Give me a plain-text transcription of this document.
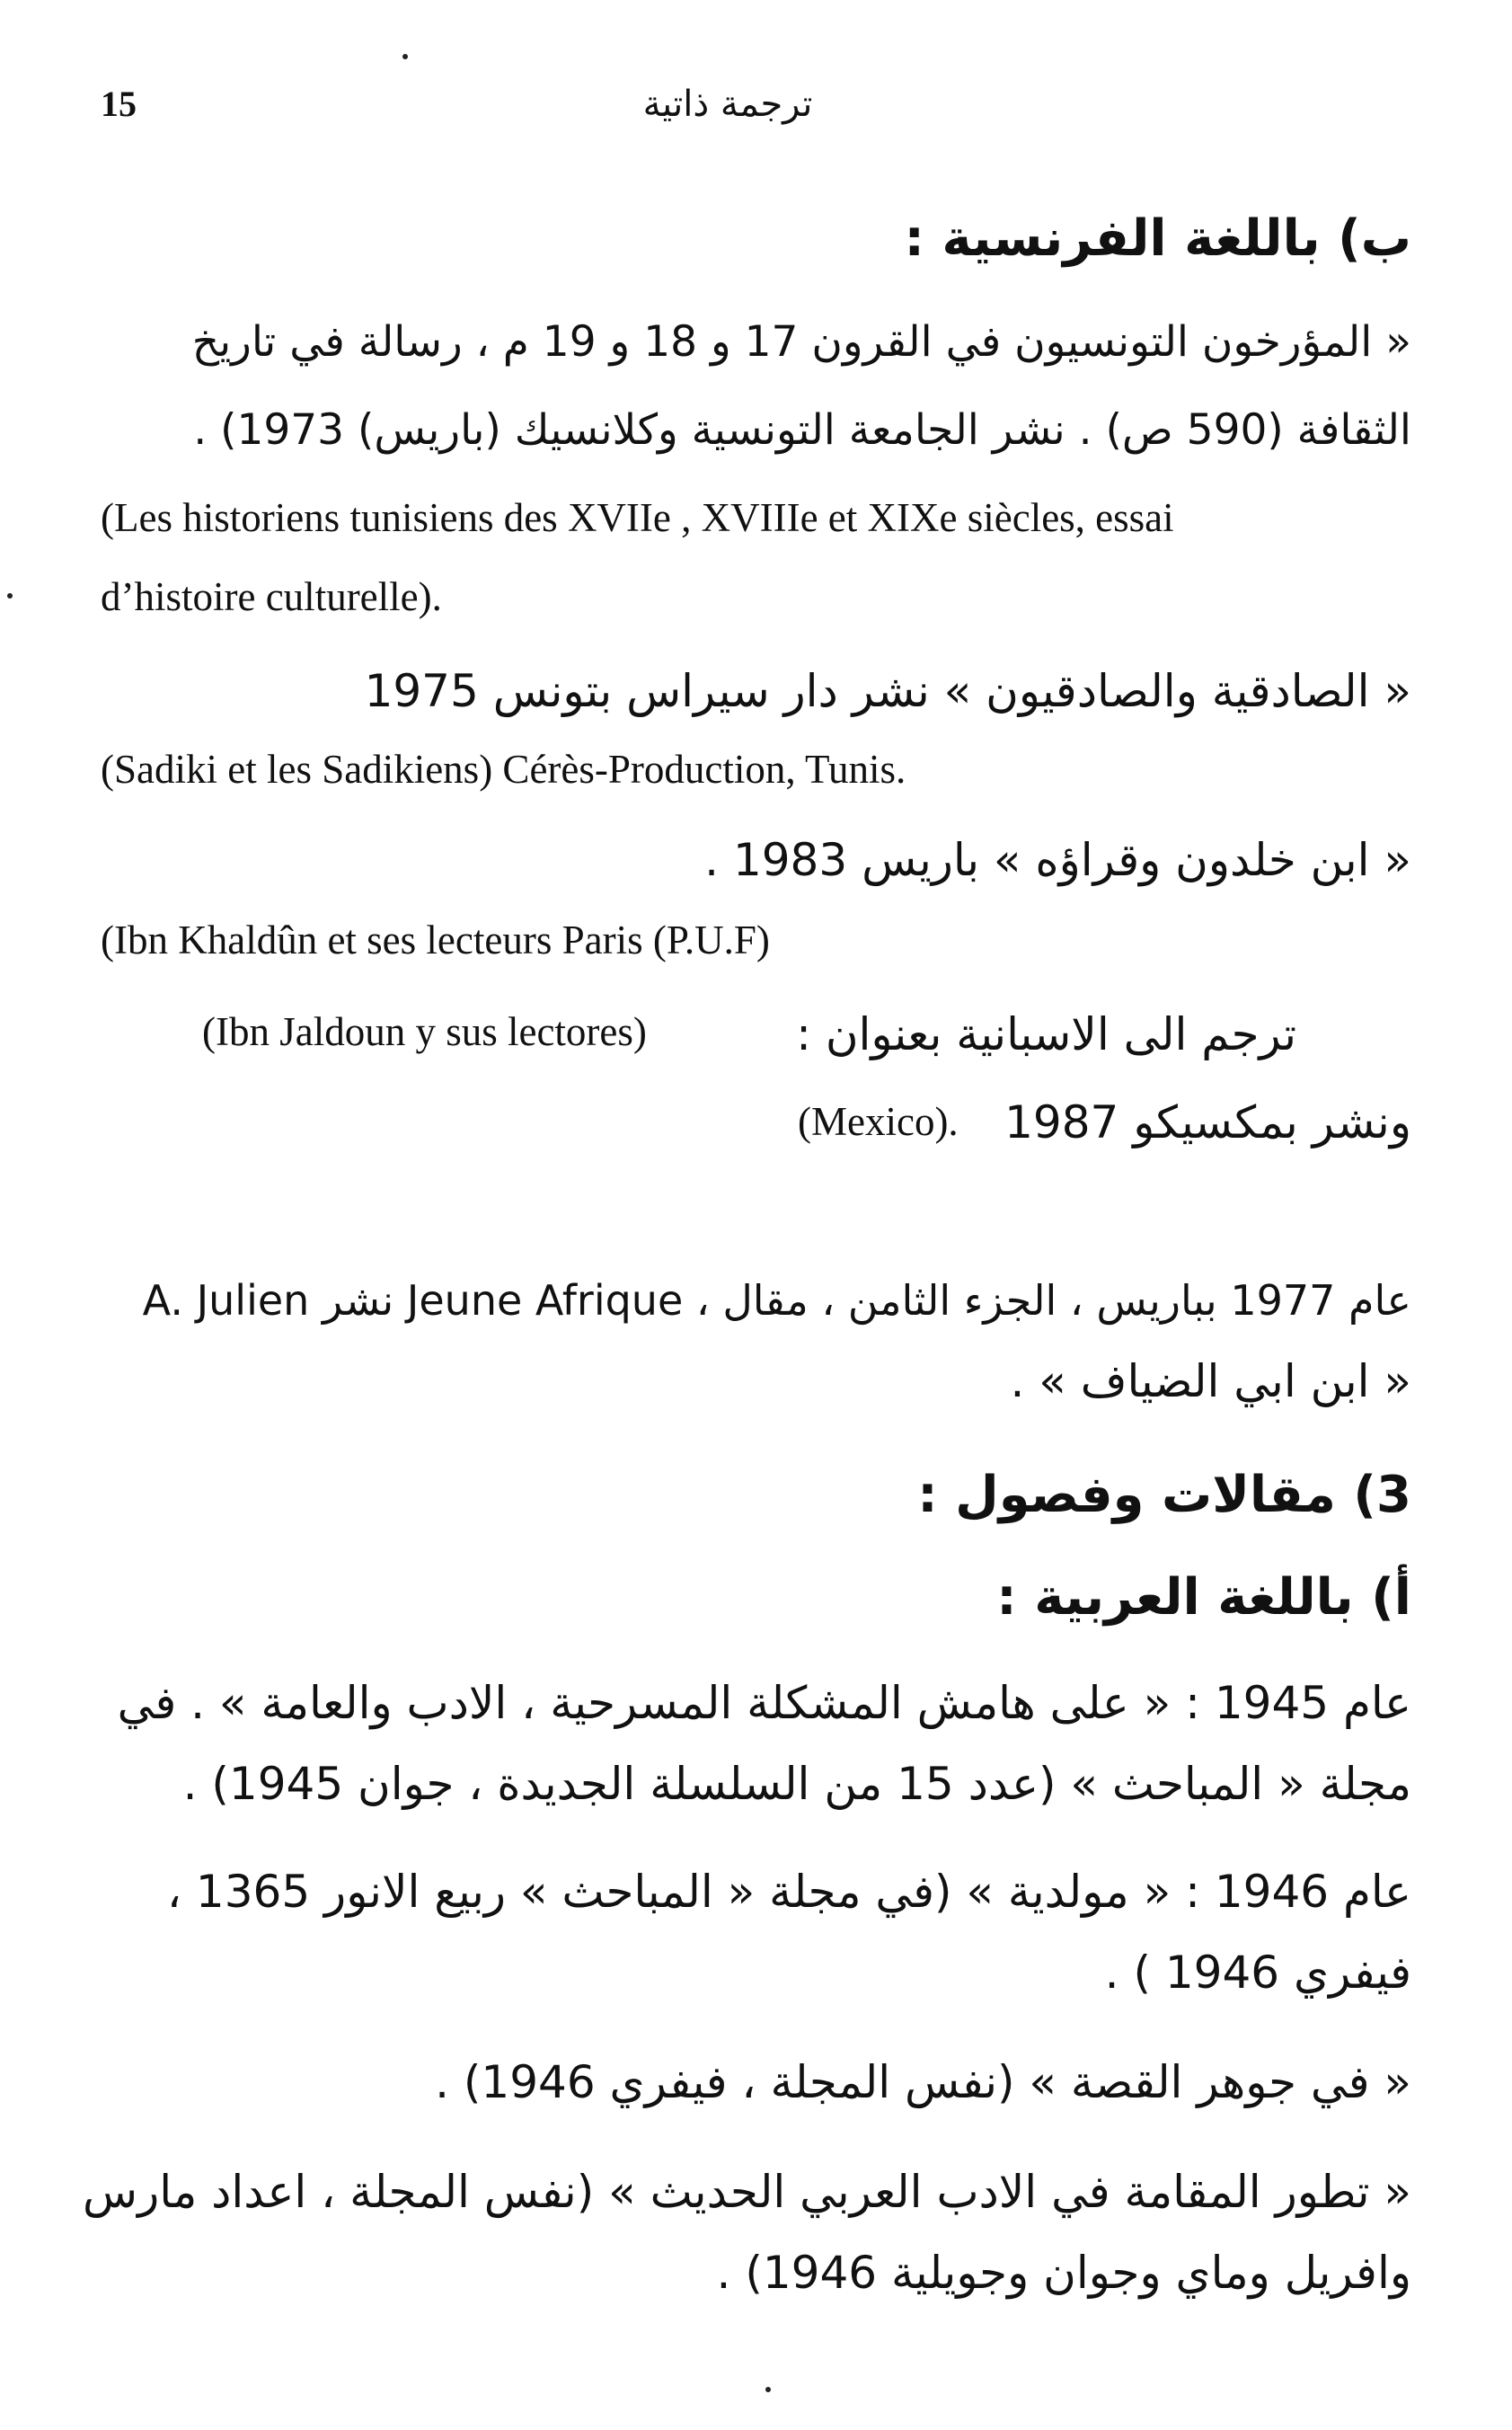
15	ترجمة ذاتية
ب) باللغة الفرنسية :
« المؤرخون التونسيون في القرون 17 و 18 و 19 م ، رسالة في تاريخ
الثقافة (590 ص) . نشر الجامعة التونسية وكلانسيك (باريس) 1973) .
(Les historiens tunisiens des XVIIe , XVIIIe et XIXe siècles, essai
d’histoire culturelle).
« الصادقية والصادقيون » نشر دار سيراس بتونس 1975
(Sadiki et les Sadikiens) Cérès-Production, Tunis.
« ابن خلدون وقراؤه » باريس 1983 .
(Ibn Khaldûn et ses lecteurs Paris (P.U.F)
ترجم الى الاسبانية بعنوان :
(Ibn Jaldoun y sus lectores)
ونشر بمكسيكو 1987
(Mexico).
A. Julien نشر Jeune Afrique ، عام 1977 بباريس ، الجزء الثامن ، مقال
« ابن ابي الضياف » .
3) مقالات وفصول :
أ) باللغة العربية :
عام 1945 : « على هامش المشكلة المسرحية ، الادب والعامة » . في
مجلة « المباحث » (عدد 15 من السلسلة الجديدة ، جوان 1945) .
عام 1946 : « مولدية » (في مجلة « المباحث » ربيع الانور 1365 ،
فيفري 1946 ) .
« في جوهر القصة » (نفس المجلة ، فيفري 1946) .
« تطور المقامة في الادب العربي الحديث » (نفس المجلة ، اعداد مارس
وافريل وماي وجوان وجويلية 1946) .
